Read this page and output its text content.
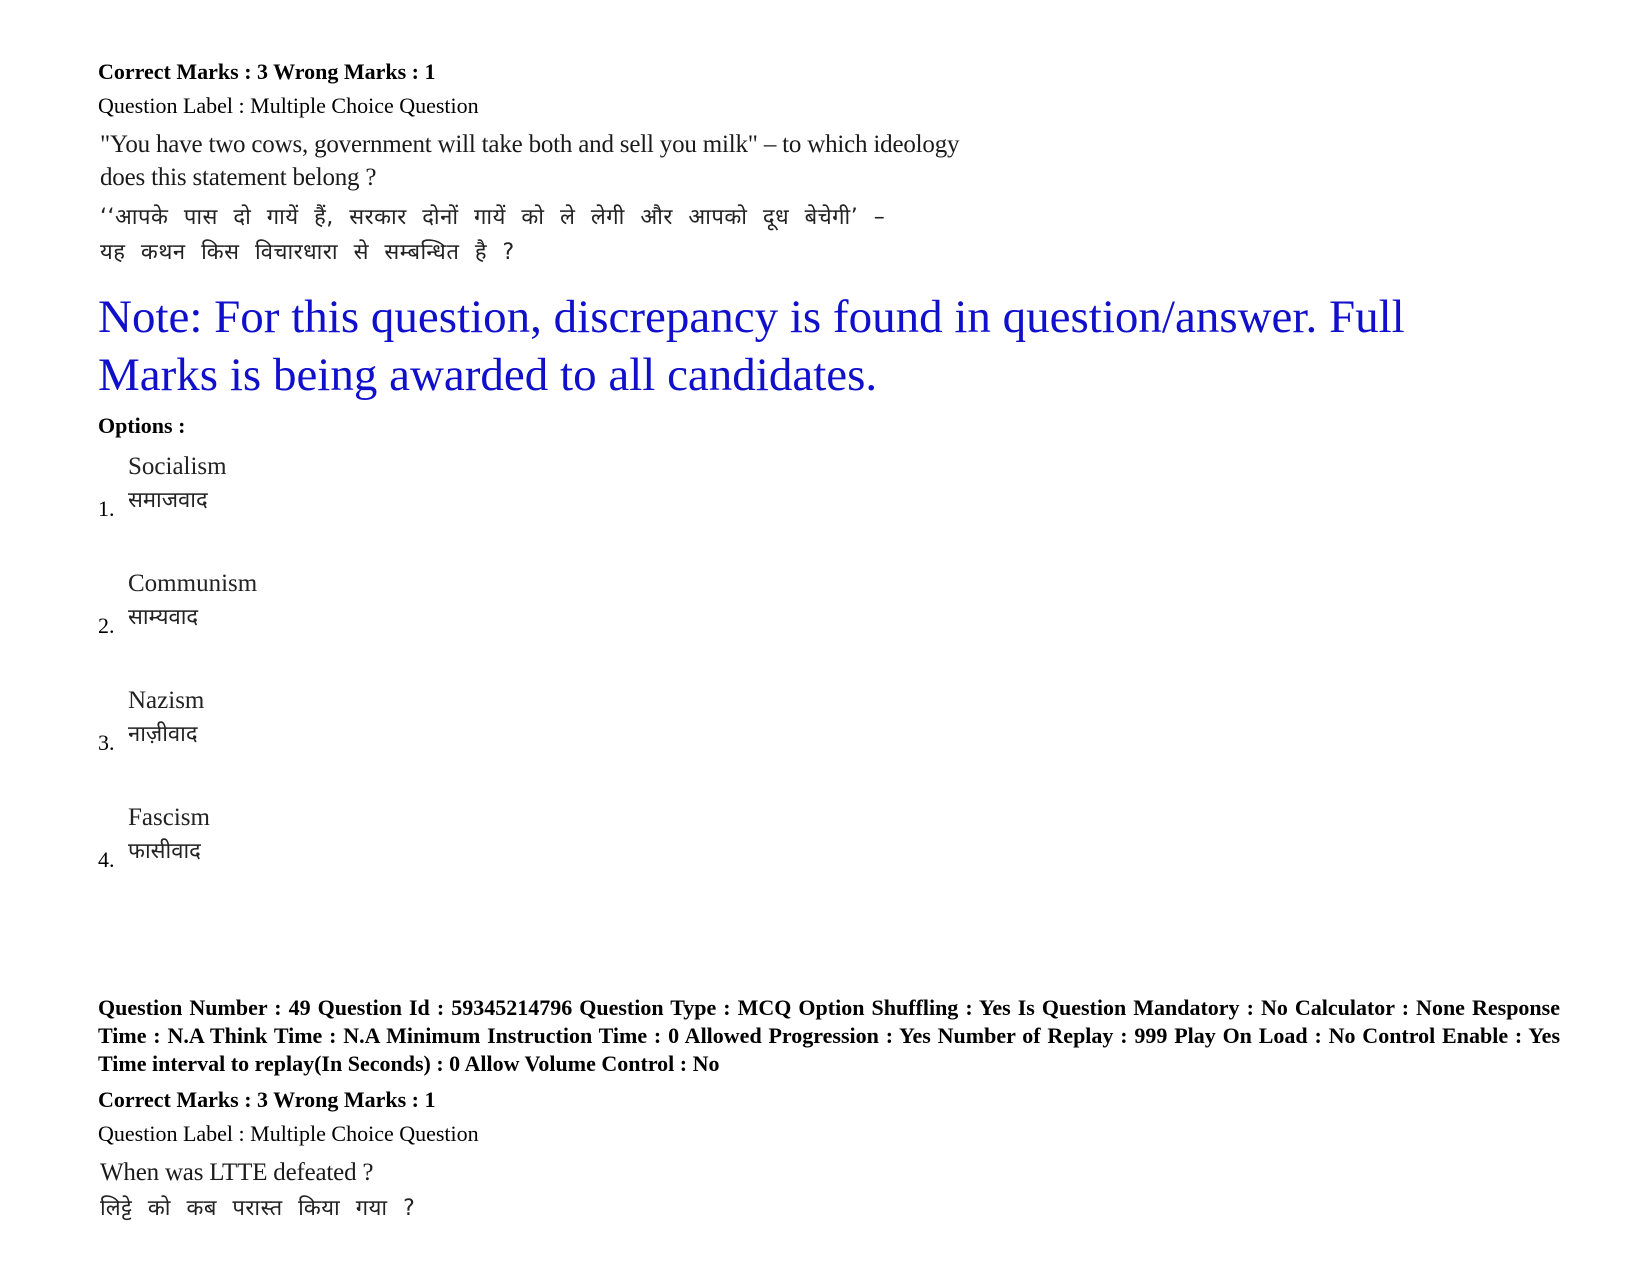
Correct Marks : 3 Wrong Marks : 1

Question Label : Multiple Choice Question

"You have two cows, government will take both and sell you milk" – to which ideology
does this statement belong ?
‘‘आपके पास दो गायें हैं, सरकार दोनों गायें को ले लेगी और आपको दूध बेचेगी’ –
यह कथन किस विचारधारा से सम्बन्धित है ?
Note: For this question, discrepancy is found in question/answer. Full
Marks is being awarded to all candidates.

Options :

1.
Socialism
समाजवाद
2.
Communism
साम्यवाद
3.
Nazism
नाज़ीवाद
4.
Fascism
फासीवाद

Question Number : 49 Question Id : 59345214796 Question Type : MCQ Option Shuffling : Yes Is Question Mandatory : No Calculator : None Response Time : N.A Think Time : N.A Minimum Instruction Time : 0 Allowed Progression : Yes Number of Replay : 999 Play On Load : No Control Enable : Yes Time interval to replay(In Seconds) : 0 Allow Volume Control : No

Correct Marks : 3 Wrong Marks : 1

Question Label : Multiple Choice Question

When was LTTE defeated ?
लिट्टे को कब परास्त किया गया ?
